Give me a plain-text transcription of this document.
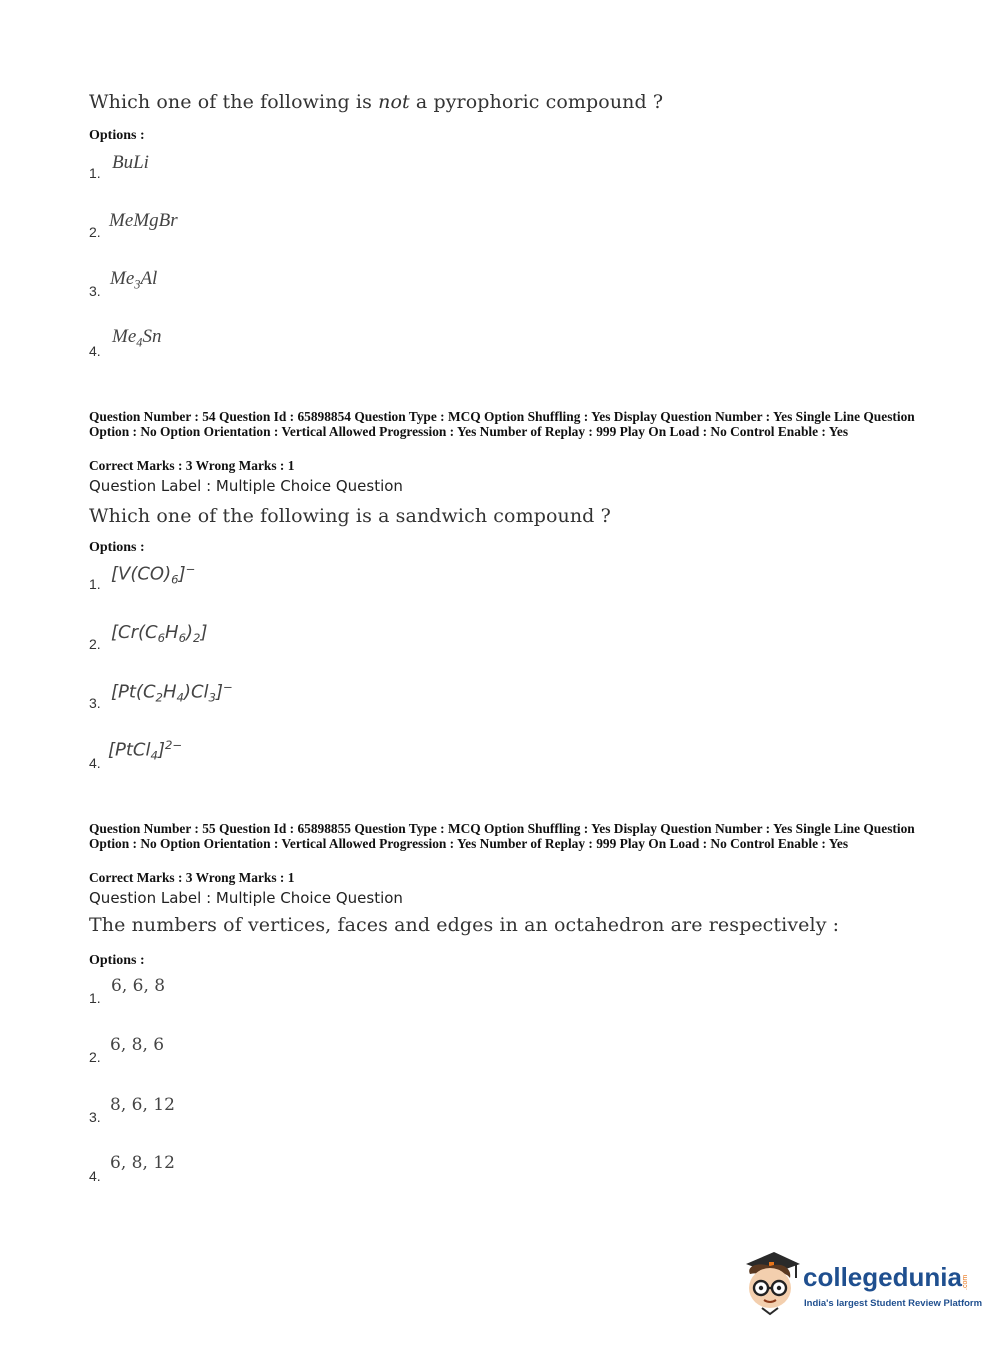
Which one of the following is not a pyrophoric compound ?
Options :
1. BuLi
2.
MeMgBr
3.
$Me_3Al$
4.
$Me_4Sn$
Question Number : 54 Question Id : 65898854 Question Type : MCQ Option Shuffling : Yes Display Question Number : Yes Single Line Question Option : No Option Orientation : Vertical Allowed Progression : Yes Number of Replay : 999 Play On Load : No Control Enable : Yes
Correct Marks : 3 Wrong Marks : 1
Question Label : Multiple Choice Question
Which one of the following is a sandwich compound ?
Options :
1. $[V(CO)_6]^-$
2.
$[Cr(C_6H_6)_2]$
3.
$[Pt(C_2H_4)Cl_3]^-$
4.
[PtCl$_4$]$^{2-}$
Question Number : 55 Question Id : 65898855 Question Type : MCQ Option Shuffling : Yes Display Question Number : Yes Single Line Question Option : No Option Orientation : Vertical Allowed Progression : Yes Number of Replay : 999 Play On Load : No Control Enable : Yes
Correct Marks : 3 Wrong Marks : 1
Question Label : Multiple Choice Question
The numbers of vertices, faces and edges in an octahedron are respectively :
Options :
1.
6, 6, 8
2.
6, 8, 6
3.
8, 6, 12
4.
6, 8, 12
collegedunia .com
India's largest Student Review Platform
